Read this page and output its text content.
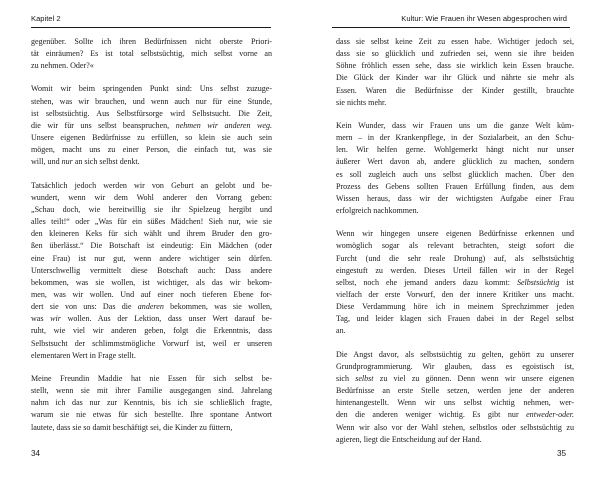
Kapitel 2
gegenüber. Sollte ich ihren Bedürfnissen nicht oberste Priori-
tät einräumen? Es ist total selbstsüchtig, mich selbst vorne an
zu nehmen. Oder?«
Womit wir beim springenden Punkt sind: Uns selbst zuzuge-
stehen, was wir brauchen, und wenn auch nur für eine Stunde,
ist selbstsüchtig. Aus Selbstfürsorge wird Selbstsucht. Die Zeit,
die wir für uns selbst beanspruchen, nehmen wir anderen weg.
Unsere eigenen Bedürfnisse zu erfüllen, so klein sie auch sein
mögen, macht uns zu einer Person, die einfach tut, was sie
will, und nur an sich selbst denkt.
Tatsächlich jedoch werden wir von Geburt an gelobt und be-
wundert, wenn wir dem Wohl anderer den Vorrang geben:
„Schau doch, wie bereitwillig sie ihr Spielzeug hergibt und
alles teilt!“ oder „Was für ein süßes Mädchen! Sieh nur, wie sie
den kleineren Keks für sich wählt und ihrem Bruder den gro-
ßen überlässt.“ Die Botschaft ist eindeutig: Ein Mädchen (oder
eine Frau) ist nur gut, wenn andere wichtiger sein dürfen.
Unterschwellig vermittelt diese Botschaft auch: Dass andere
bekommen, was sie wollen, ist wichtiger, als das wir bekom-
men, was wir wollen. Und auf einer noch tieferen Ebene for-
dert sie von uns: Das die anderen bekommen, was sie wollen,
was wir wollen. Aus der Lektion, dass unser Wert darauf be-
ruht, wie viel wir anderen geben, folgt die Erkenntnis, dass
Selbstsucht der schlimmstmögliche Vorwurf ist, weil er unseren
elementaren Wert in Frage stellt.
Meine Freundin Maddie hat nie Essen für sich selbst be-
stellt, wenn sie mit ihrer Familie ausgegangen sind. Jahrelang
nahm ich das nur zur Kenntnis, bis ich sie schließlich fragte,
warum sie nie etwas für sich bestellte. Ihre spontane Antwort
lautete, dass sie so damit beschäftigt sei, die Kinder zu füttern,
34
Kultur: Wie Frauen ihr Wesen abgesprochen wird
dass sie selbst keine Zeit zu essen habe. Wichtiger jedoch sei,
dass sie so glücklich und zufrieden sei, wenn sie ihre beiden
Söhne fröhlich essen sehe, dass sie wirklich kein Essen brauche.
Die Glück der Kinder war ihr Glück und nährte sie mehr als
Essen. Waren die Bedürfnisse der Kinder gestillt, brauchte
sie nichts mehr.
Kein Wunder, dass wir Frauen uns um die ganze Welt küm-
mern – in der Krankenpflege, in der Sozialarbeit, an den Schu-
len. Wir helfen gerne. Wohlgemerkt hängt nicht nur unser
äußerer Wert davon ab, andere glücklich zu machen, sondern
es soll zugleich auch uns selbst glücklich machen. Über den
Prozess des Gebens sollten Frauen Erfüllung finden, aus dem
Wissen heraus, dass wir der wichtigsten Aufgabe einer Frau
erfolgreich nachkommen.
Wenn wir hingegen unsere eigenen Bedürfnisse erkennen und
womöglich sogar als relevant betrachten, steigt sofort die
Furcht (und die sehr reale Drohung) auf, als selbstsüchtig
eingestuft zu werden. Dieses Urteil fällen wir in der Regel
selbst, noch ehe jemand anders dazu kommt: Selbstsüchtig ist
vielfach der erste Vorwurf, den der innere Kritiker uns macht.
Diese Verdammung höre ich in meinem Sprechzimmer jeden
Tag, und leider klagen sich Frauen dabei in der Regel selbst
an.
Die Angst davor, als selbstsüchtig zu gelten, gehört zu unserer
Grundprogrammierung. Wir glauben, dass es egoistisch ist,
sich selbst zu viel zu gönnen. Denn wenn wir unsere eigenen
Bedürfnisse an erste Stelle setzen, werden jene der anderen
hintenangestellt. Wenn wir uns selbst wichtig nehmen, wer-
den die anderen weniger wichtig. Es gibt nur entweder-oder.
Wenn wir also vor der Wahl stehen, selbstlos oder selbstsüchtig zu
agieren, liegt die Entscheidung auf der Hand.
35
